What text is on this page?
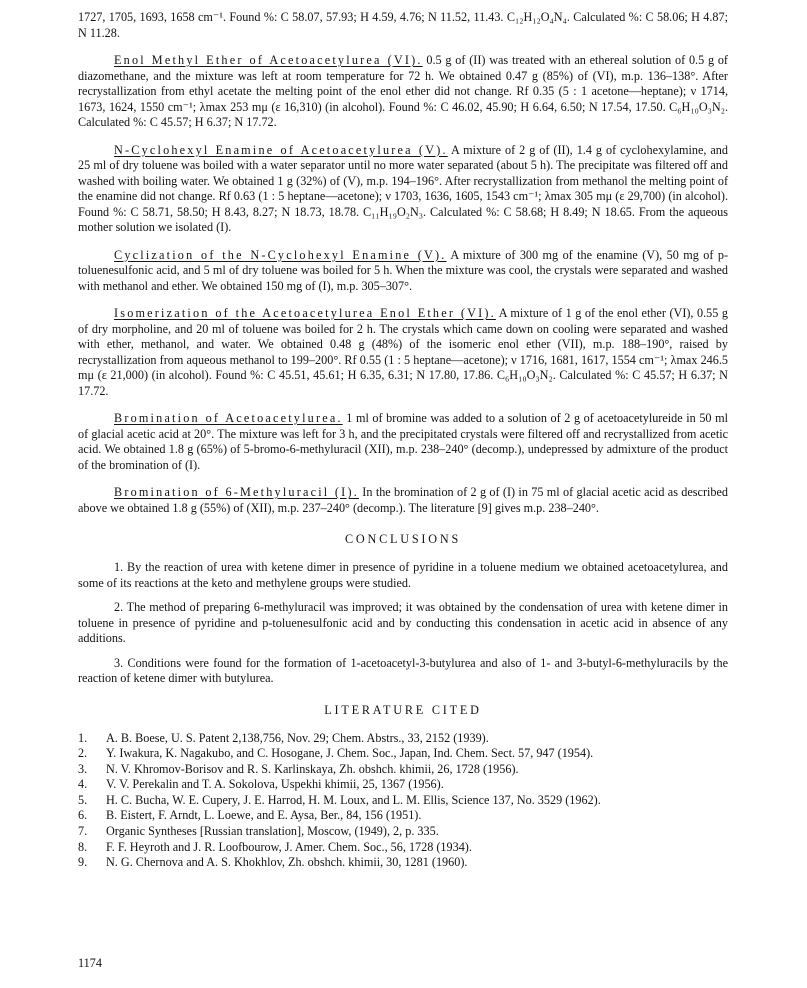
1727, 1705, 1693, 1658 cm⁻¹. Found %: C 58.07, 57.93; H 4.59, 4.76; N 11.52, 11.43. C₁₂H₁₂O₄N₄. Calculated %: C 58.06; H 4.87; N 11.28.

Enol Methyl Ether of Acetoacetylurea (VI). 0.5 g of (II) was treated with an ethereal solution of 0.5 g of diazomethane, and the mixture was left at room temperature for 72 h. We obtained 0.47 g (85%) of (VI), m.p. 136–138°. After recrystallization from ethyl acetate the melting point of the enol ether did not change. Rf 0.35 (5 : 1 acetone—heptane); ν 1714, 1673, 1624, 1550 cm⁻¹; λmax 253 mμ (ε 16,310) (in alcohol). Found %: C 46.02, 45.90; H 6.64, 6.50; N 17.54, 17.50. C₆H₁₀O₃N₂. Calculated %: C 45.57; H 6.37; N 17.72.

N-Cyclohexyl Enamine of Acetoacetylurea (V). A mixture of 2 g of (II), 1.4 g of cyclohexylamine, and 25 ml of dry toluene was boiled with a water separator until no more water separated (about 5 h). The precipitate was filtered off and washed with boiling water. We obtained 1 g (32%) of (V), m.p. 194–196°. After recrystallization from methanol the melting point of the enamine did not change. Rf 0.63 (1 : 5 heptane—acetone); ν 1703, 1636, 1605, 1543 cm⁻¹; λmax 305 mμ (ε 29,700) (in alcohol). Found %: C 58.71, 58.50; H 8.43, 8.27; N 18.73, 18.78. C₁₁H₁₉O₂N₃. Calculated %: C 58.68; H 8.49; N 18.65. From the aqueous mother solution we isolated (I).

Cyclization of the N-Cyclohexyl Enamine (V). A mixture of 300 mg of the enamine (V), 50 mg of p-toluenesulfonic acid, and 5 ml of dry toluene was boiled for 5 h. When the mixture was cool, the crystals were separated and washed with methanol and ether. We obtained 150 mg of (I), m.p. 305–307°.

Isomerization of the Acetoacetylurea Enol Ether (VI). A mixture of 1 g of the enol ether (VI), 0.55 g of dry morpholine, and 20 ml of toluene was boiled for 2 h. The crystals which came down on cooling were separated and washed with ether, methanol, and water. We obtained 0.48 g (48%) of the isomeric enol ether (VII), m.p. 188–190°, raised by recrystallization from aqueous methanol to 199–200°. Rf 0.55 (1 : 5 heptane—acetone); ν 1716, 1681, 1617, 1554 cm⁻¹; λmax 246.5 mμ (ε 21,000) (in alcohol). Found %: C 45.51, 45.61; H 6.35, 6.31; N 17.80, 17.86. C₆H₁₀O₃N₂. Calculated %: C 45.57; H 6.37; N 17.72.

Bromination of Acetoacetylurea. 1 ml of bromine was added to a solution of 2 g of acetoacetylureide in 50 ml of glacial acetic acid at 20°. The mixture was left for 3 h, and the precipitated crystals were filtered off and recrystallized from acetic acid. We obtained 1.8 g (65%) of 5-bromo-6-methyluracil (XII), m.p. 238–240° (decomp.), undepressed by admixture of the product of the bromination of (I).

Bromination of 6-Methyluracil (I). In the bromination of 2 g of (I) in 75 ml of glacial acetic acid as described above we obtained 1.8 g (55%) of (XII), m.p. 237–240° (decomp.). The literature [9] gives m.p. 238–240°.

CONCLUSIONS

1. By the reaction of urea with ketene dimer in presence of pyridine in a toluene medium we obtained acetoacetylurea, and some of its reactions at the keto and methylene groups were studied.

2. The method of preparing 6-methyluracil was improved; it was obtained by the condensation of urea with ketene dimer in toluene in presence of pyridine and p-toluenesulfonic acid and by conducting this condensation in acetic acid in absence of any additions.

3. Conditions were found for the formation of 1-acetoacetyl-3-butylurea and also of 1- and 3-butyl-6-methyluracils by the reaction of ketene dimer with butylurea.

LITERATURE CITED
1. A. B. Boese, U. S. Patent 2,138,756, Nov. 29; Chem. Abstrs., 33, 2152 (1939).
2. Y. Iwakura, K. Nagakubo, and C. Hosogane, J. Chem. Soc., Japan, Ind. Chem. Sect. 57, 947 (1954).
3. N. V. Khromov-Borisov and R. S. Karlinskaya, Zh. obshch. khimii, 26, 1728 (1956).
4. V. V. Perekalin and T. A. Sokolova, Uspekhi khimii, 25, 1367 (1956).
5. H. C. Bucha, W. E. Cupery, J. E. Harrod, H. M. Loux, and L. M. Ellis, Science 137, No. 3529 (1962).
6. B. Eistert, F. Arndt, L. Loewe, and E. Aysa, Ber., 84, 156 (1951).
7. Organic Syntheses [Russian translation], Moscow, (1949), 2, p. 335.
8. F. F. Heyroth and J. R. Loofbourow, J. Amer. Chem. Soc., 56, 1728 (1934).
9. N. G. Chernova and A. S. Khokhlov, Zh. obshch. khimii, 30, 1281 (1960).
1174
